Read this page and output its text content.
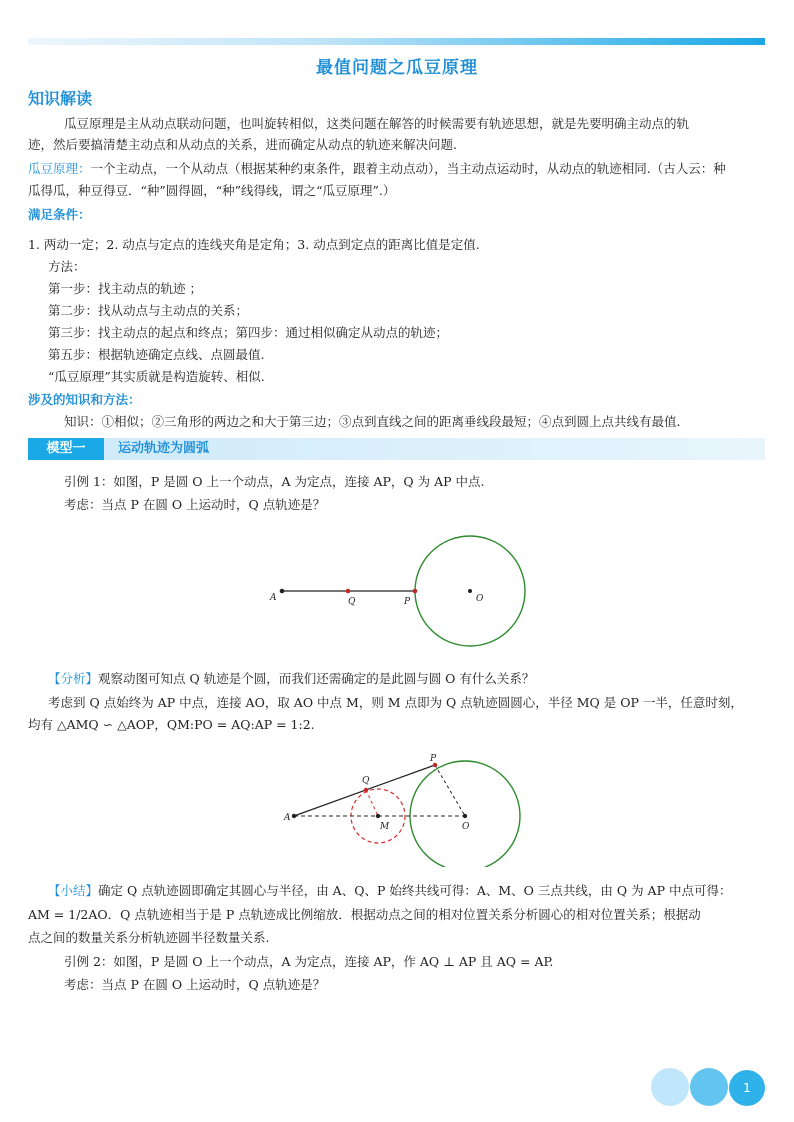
最值问题之瓜豆原理
知识解读
瓜豆原理是主从动点联动问题，也叫旋转相似，这类问题在解答的时候需要有轨迹思想，就是先要明确主动点的轨
迹，然后要搞清楚主动点和从动点的关系，进而确定从动点的轨迹来解决问题.
瓜豆原理：一个主动点，一个从动点（根据某种约束条件，跟着主动点动），当主动点运动时，从动点的轨迹相同.（古人云：种
瓜得瓜，种豆得豆．“种”圆得圆，“种”线得线，谓之“瓜豆原理”.）
满足条件：
1. 两动一定；2. 动点与定点的连线夹角是定角；3. 动点到定点的距离比值是定值.
方法：
第一步：找主动点的轨迹 ；
第二步：找从动点与主动点的关系；
第三步：找主动点的起点和终点；第四步：通过相似确定从动点的轨迹；
第五步：根据轨迹确定点线、点圆最值.
“瓜豆原理”其实质就是构造旋转、相似.
涉及的知识和方法：
知识：①相似；②三角形的两边之和大于第三边；③点到直线之间的距离垂线段最短；④点到圆上点共线有最值.
模型一	运动轨迹为圆弧
引例 1：如图，P 是圆 O 上一个动点，A 为定点，连接 AP，Q 为 AP 中点.
考虑：当点 P 在圆 O 上运动时，Q 点轨迹是？
A	Q	P	O
【分析】观察动图可知点 Q 轨迹是个圆，而我们还需确定的是此圆与圆 O 有什么关系？
考虑到 Q 点始终为 AP 中点，连接 AO，取 AO 中点 M，则 M 点即为 Q 点轨迹圆圆心，半径 MQ 是 OP 一半，任意时刻，
均有 △AMQ ∽ △AOP，QM:PO = AQ:AP = 1:2.
A
Q
P
M	O
【小结】确定 Q 点轨迹圆即确定其圆心与半径，由 A、Q、P 始终共线可得：A、M、O 三点共线，由 Q 为 AP 中点可得：
AM = 1/2AO．Q 点轨迹相当于是 P 点轨迹成比例缩放．根据动点之间的相对位置关系分析圆心的相对位置关系；根据动
点之间的数量关系分析轨迹圆半径数量关系.
引例 2：如图，P 是圆 O 上一个动点，A 为定点，连接 AP，作 AQ ⊥ AP 且 AQ = AP.
考虑：当点 P 在圆 O 上运动时，Q 点轨迹是？
1
